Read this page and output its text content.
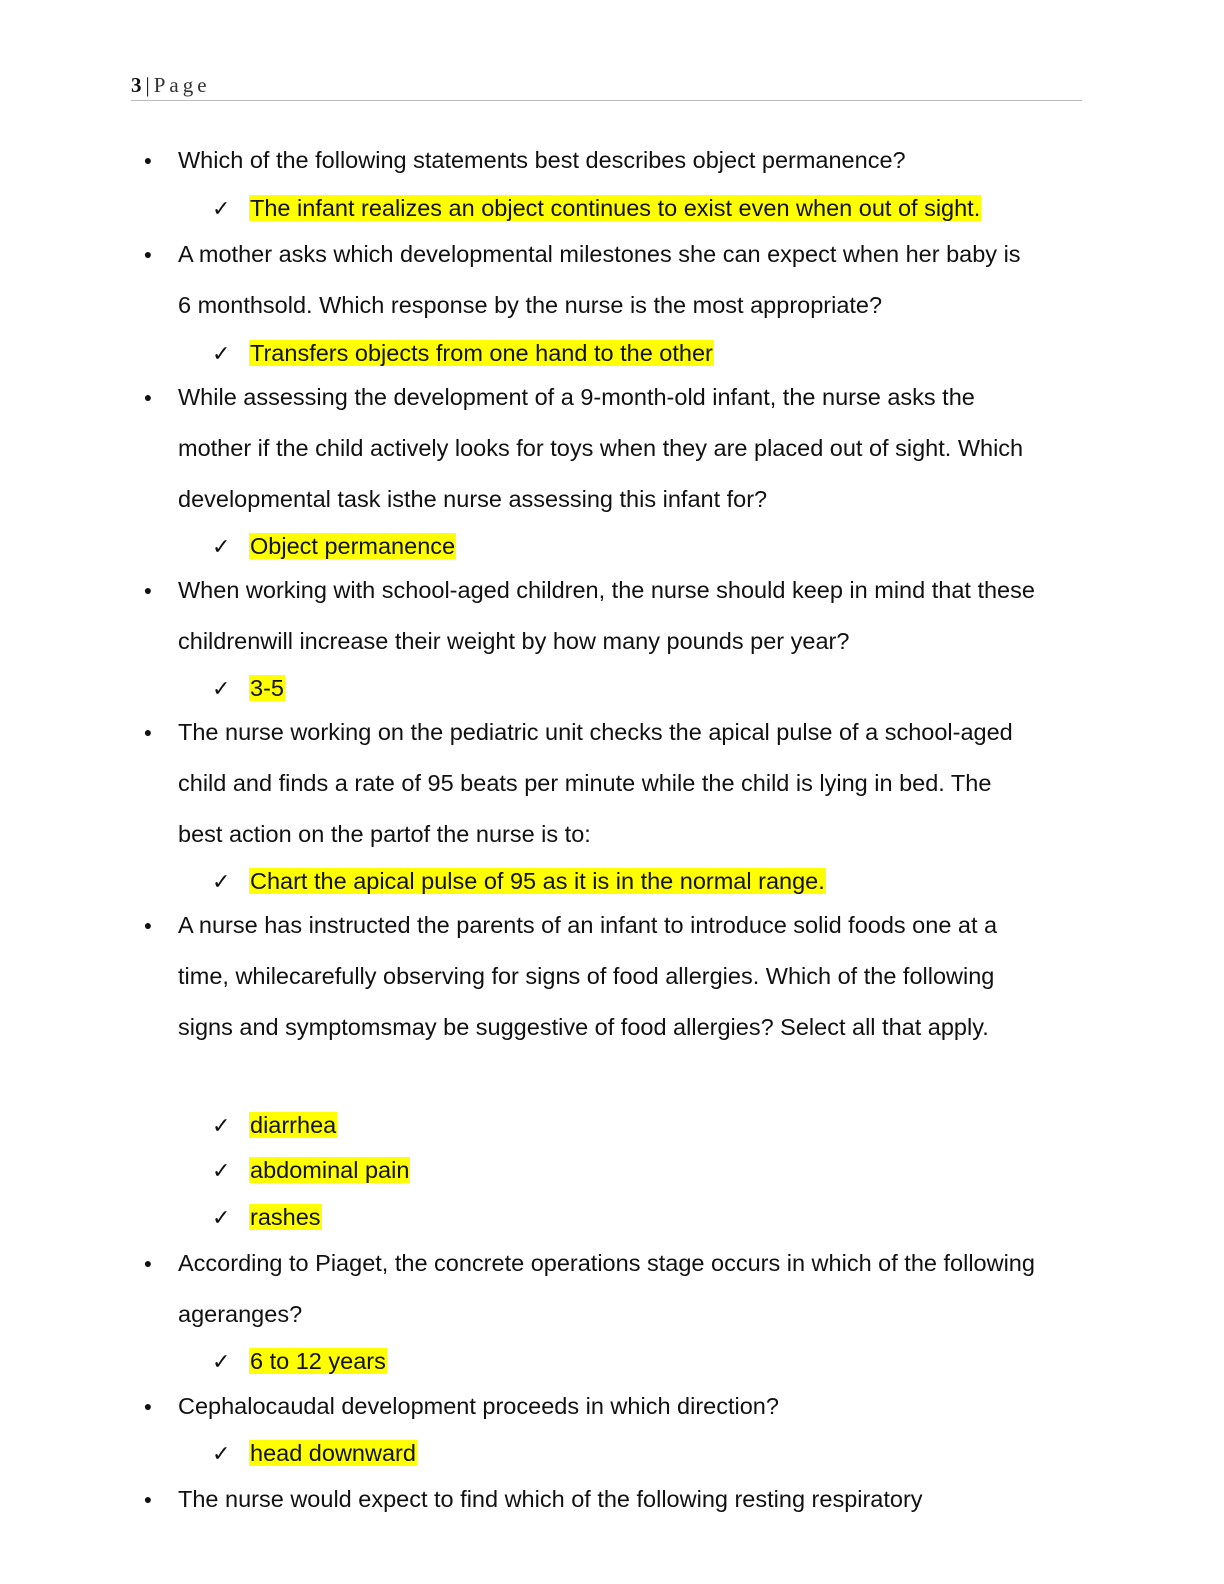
3 | Page
● Which of the following statements best describes object permanence?
✓ The infant realizes an object continues to exist even when out of sight.
● A mother asks which developmental milestones she can expect when her baby is 6 monthsold. Which response by the nurse is the most appropriate?
✓ Transfers objects from one hand to the other
● While assessing the development of a 9-month-old infant, the nurse asks the mother if the child actively looks for toys when they are placed out of sight. Which developmental task isthe nurse assessing this infant for?
✓ Object permanence
● When working with school-aged children, the nurse should keep in mind that these childrenwill increase their weight by how many pounds per year?
✓ 3-5
● The nurse working on the pediatric unit checks the apical pulse of a school-aged child and finds a rate of 95 beats per minute while the child is lying in bed. The best action on the partof the nurse is to:
✓ Chart the apical pulse of 95 as it is in the normal range.
● A nurse has instructed the parents of an infant to introduce solid foods one at a time, whilecarefully observing for signs of food allergies. Which of the following signs and symptomsmay be suggestive of food allergies? Select all that apply.
✓ diarrhea
✓ abdominal pain
✓ rashes
● According to Piaget, the concrete operations stage occurs in which of the following ageranges?
✓ 6 to 12 years
● Cephalocaudal development proceeds in which direction?
✓ head downward
● The nurse would expect to find which of the following resting respiratory
